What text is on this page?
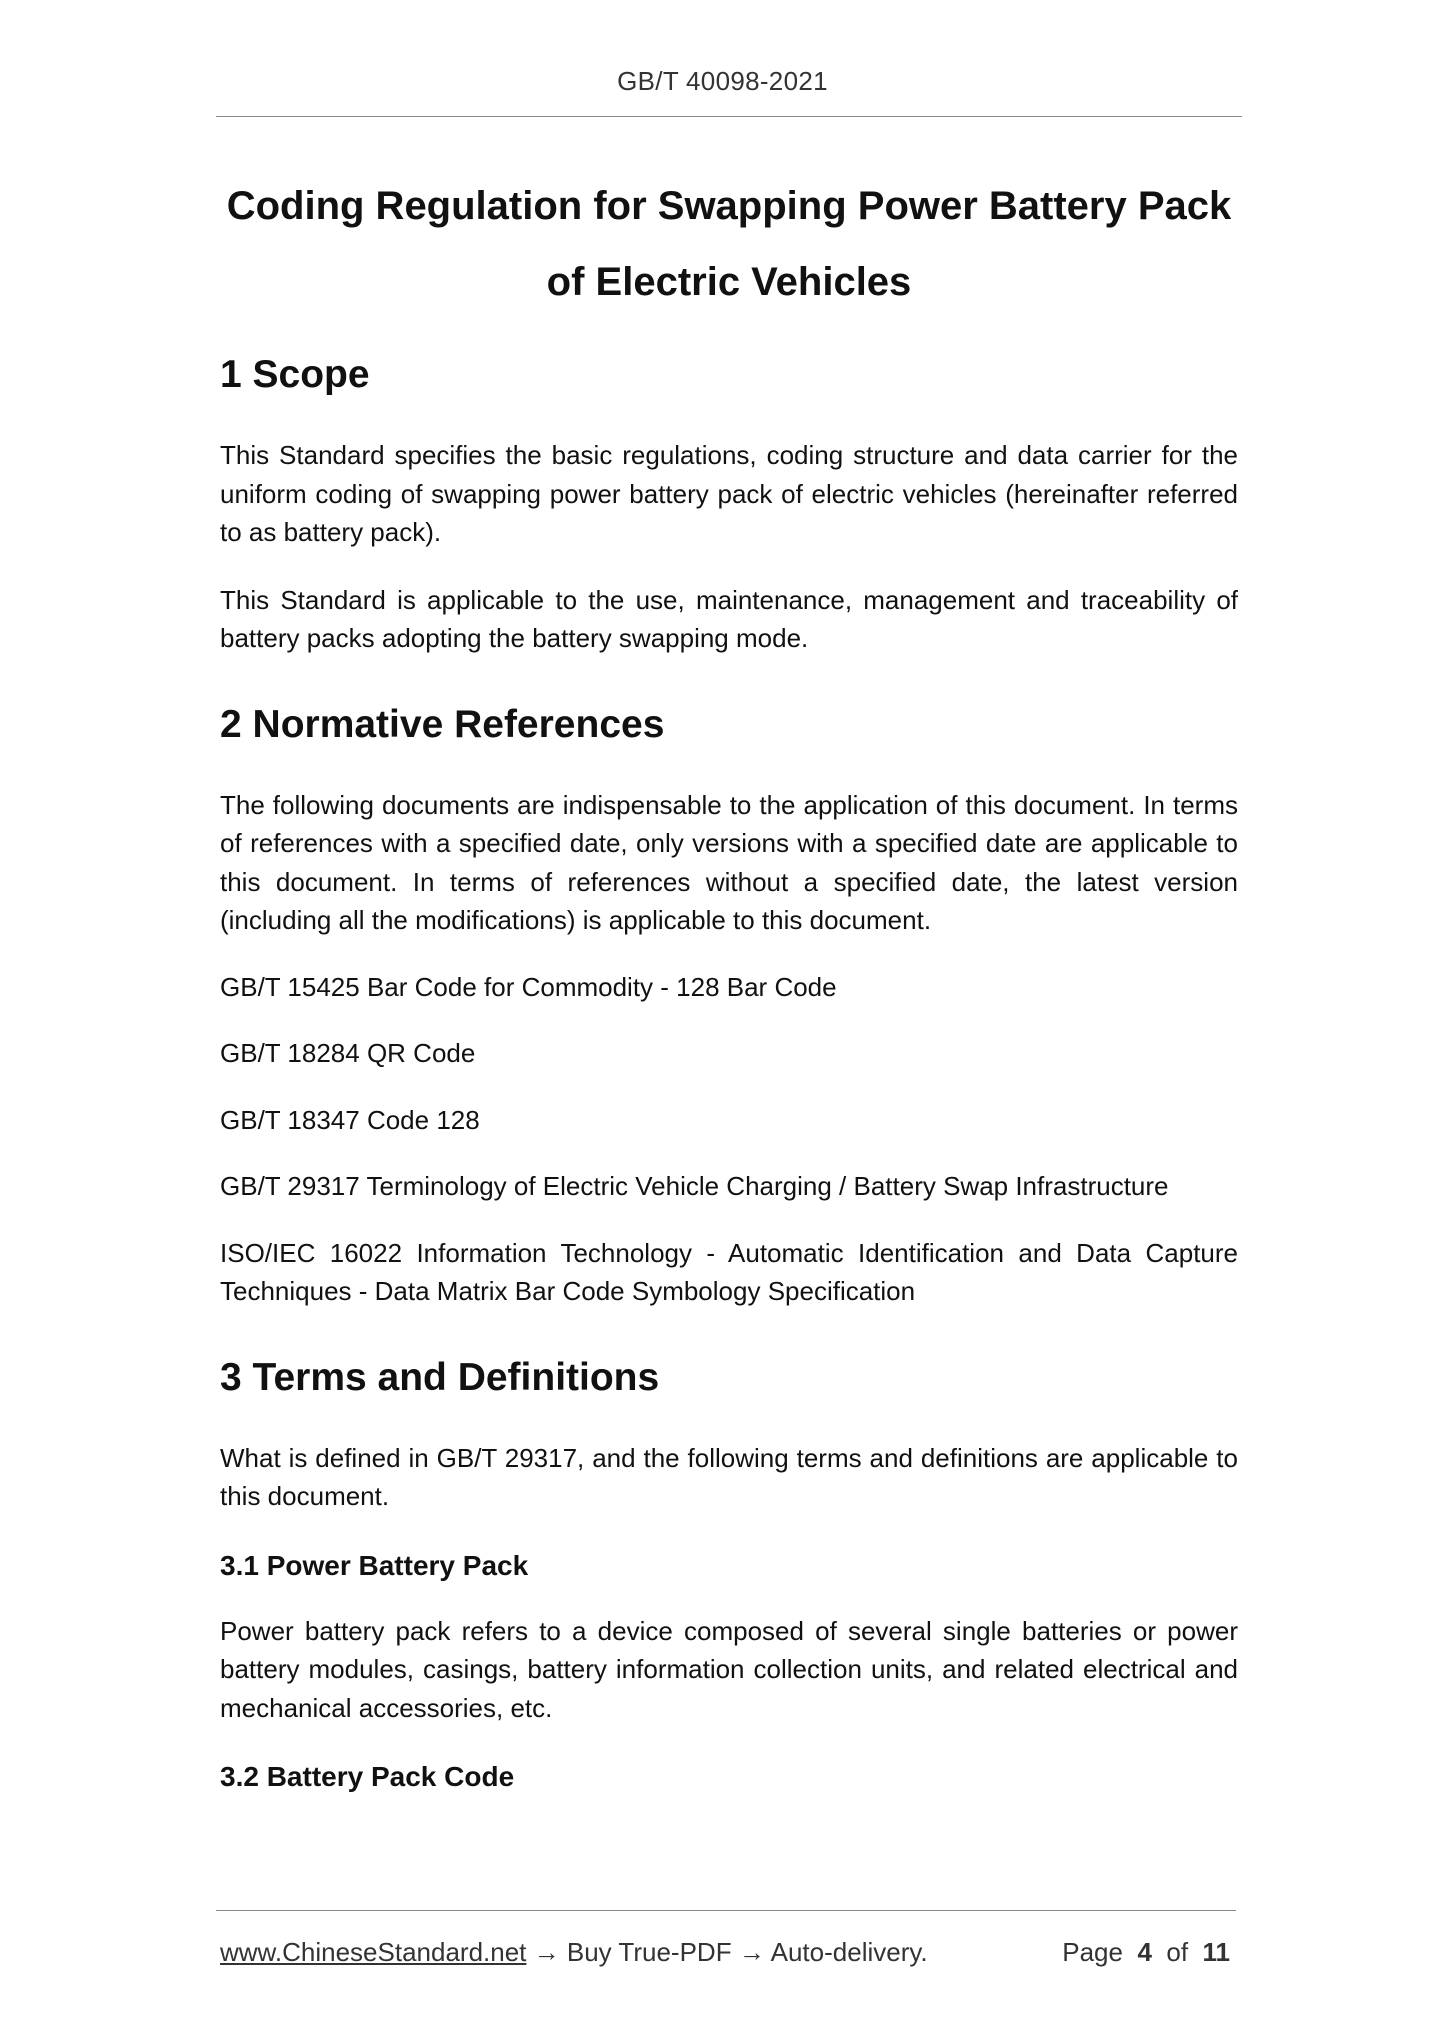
GB/T 40098-2021
Coding Regulation for Swapping Power Battery Pack
of Electric Vehicles
1 Scope

This Standard specifies the basic regulations, coding structure and data carrier for the uniform coding of swapping power battery pack of electric vehicles (hereinafter referred to as battery pack).

This Standard is applicable to the use, maintenance, management and traceability of battery packs adopting the battery swapping mode.

2 Normative References

The following documents are indispensable to the application of this document. In terms of references with a specified date, only versions with a specified date are applicable to this document. In terms of references without a specified date, the latest version (including all the modifications) is applicable to this document.

GB/T 15425 Bar Code for Commodity - 128 Bar Code

GB/T 18284 QR Code

GB/T 18347 Code 128

GB/T 29317 Terminology of Electric Vehicle Charging / Battery Swap Infrastructure

ISO/IEC 16022 Information Technology - Automatic Identification and Data Capture Techniques - Data Matrix Bar Code Symbology Specification

3 Terms and Definitions

What is defined in GB/T 29317, and the following terms and definitions are applicable to this document.

3.1 Power Battery Pack

Power battery pack refers to a device composed of several single batteries or power battery modules, casings, battery information collection units, and related electrical and mechanical accessories, etc.

3.2 Battery Pack Code
www.ChineseStandard.net → Buy True-PDF → Auto-delivery.	Page 4 of 11
